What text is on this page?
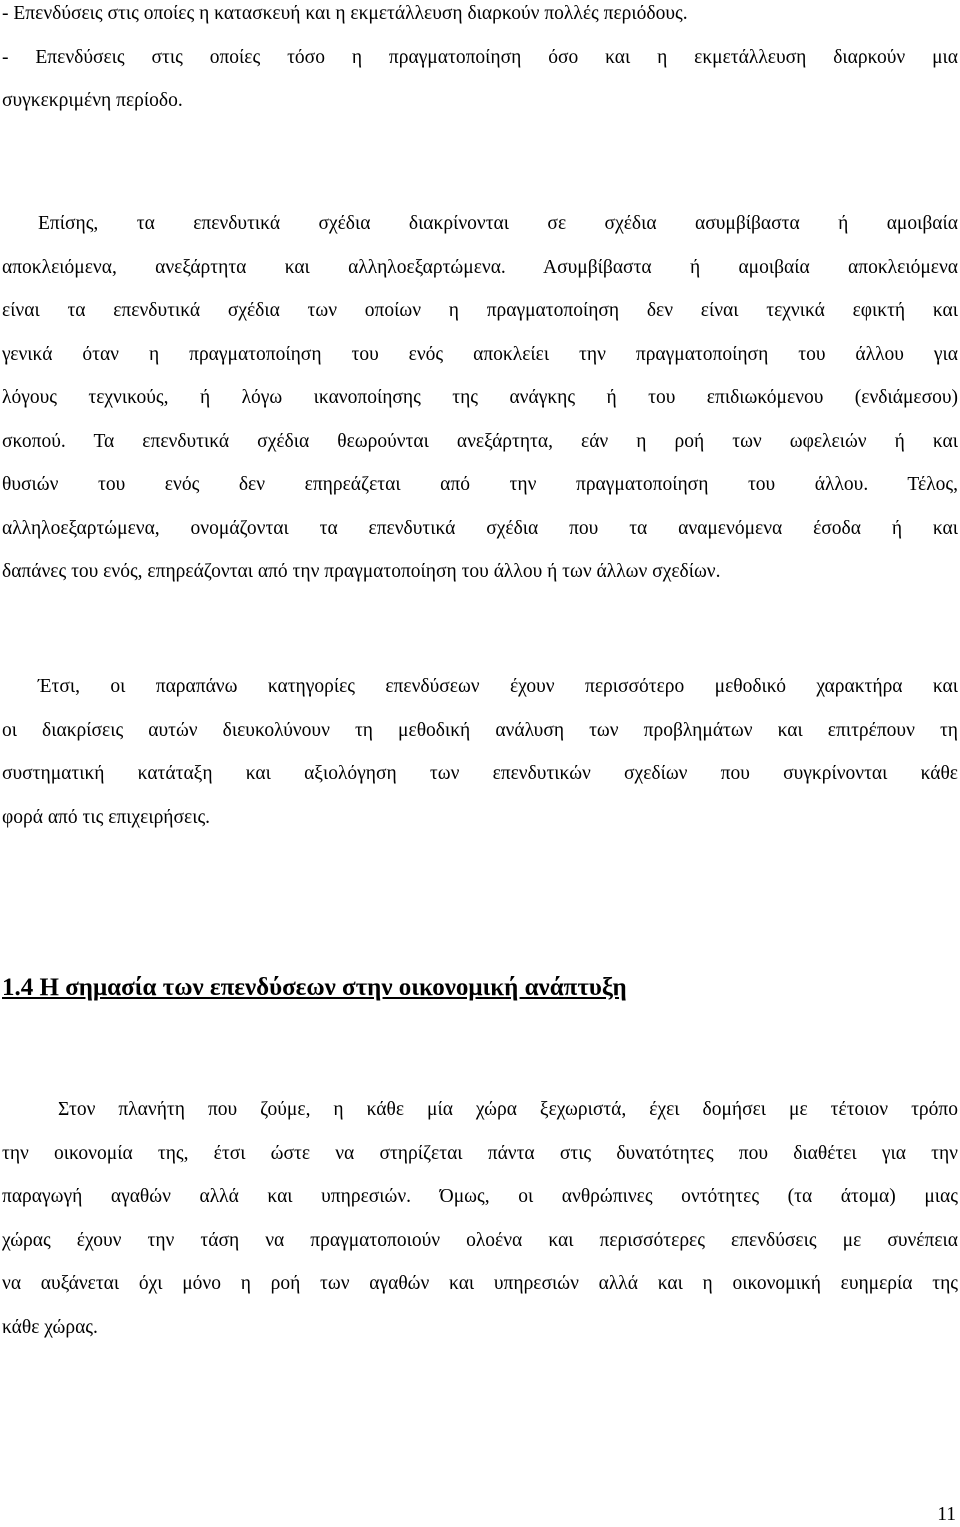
- Επενδύσεις στις οποίες η κατασκευή και η εκμετάλλευση διαρκούν πολλές περιόδους.
- Επενδύσεις στις οποίες τόσο η πραγματοποίηση όσο και η εκμετάλλευση διαρκούν μια
συγκεκριμένη περίοδο.
Επίσης, τα επενδυτικά σχέδια διακρίνονται σε σχέδια ασυμβίβαστα ή αμοιβαία
αποκλειόμενα, ανεξάρτητα και αλληλοεξαρτώμενα. Ασυμβίβαστα ή αμοιβαία αποκλειόμενα
είναι τα επενδυτικά σχέδια των οποίων η πραγματοποίηση δεν είναι τεχνικά εφικτή και
γενικά όταν η πραγματοποίηση του ενός αποκλείει την πραγματοποίηση του άλλου για
λόγους τεχνικούς, ή λόγω ικανοποίησης της ανάγκης ή του επιδιωκόμενου (ενδιάμεσου)
σκοπού. Τα επενδυτικά σχέδια θεωρούνται ανεξάρτητα, εάν η ροή των ωφελειών ή και
θυσιών του ενός δεν επηρεάζεται από την πραγματοποίηση του άλλου. Τέλος,
αλληλοεξαρτώμενα, ονομάζονται τα επενδυτικά σχέδια που τα αναμενόμενα έσοδα ή και
δαπάνες του ενός, επηρεάζονται από την πραγματοποίηση του άλλου ή των άλλων σχεδίων.
Έτσι, οι παραπάνω κατηγορίες επενδύσεων έχουν περισσότερο μεθοδικό χαρακτήρα και
οι διακρίσεις αυτών διευκολύνουν τη μεθοδική ανάλυση των προβλημάτων και επιτρέπουν τη
συστηματική κατάταξη και αξιολόγηση των επενδυτικών σχεδίων που συγκρίνονται κάθε
φορά από τις επιχειρήσεις.
1.4 Η σημασία των επενδύσεων στην οικονομική ανάπτυξη
Στον πλανήτη που ζούμε, η κάθε μία χώρα ξεχωριστά, έχει δομήσει με τέτοιον τρόπο
την οικονομία της, έτσι ώστε να στηρίζεται πάντα στις δυνατότητες που διαθέτει για την
παραγωγή αγαθών αλλά και υπηρεσιών. Όμως, οι ανθρώπινες οντότητες (τα άτομα) μιας
χώρας έχουν την τάση να πραγματοποιούν ολοένα και περισσότερες επενδύσεις με συνέπεια
να αυξάνεται όχι μόνο η ροή των αγαθών και υπηρεσιών αλλά και η οικονομική ευημερία της
κάθε χώρας.
11
